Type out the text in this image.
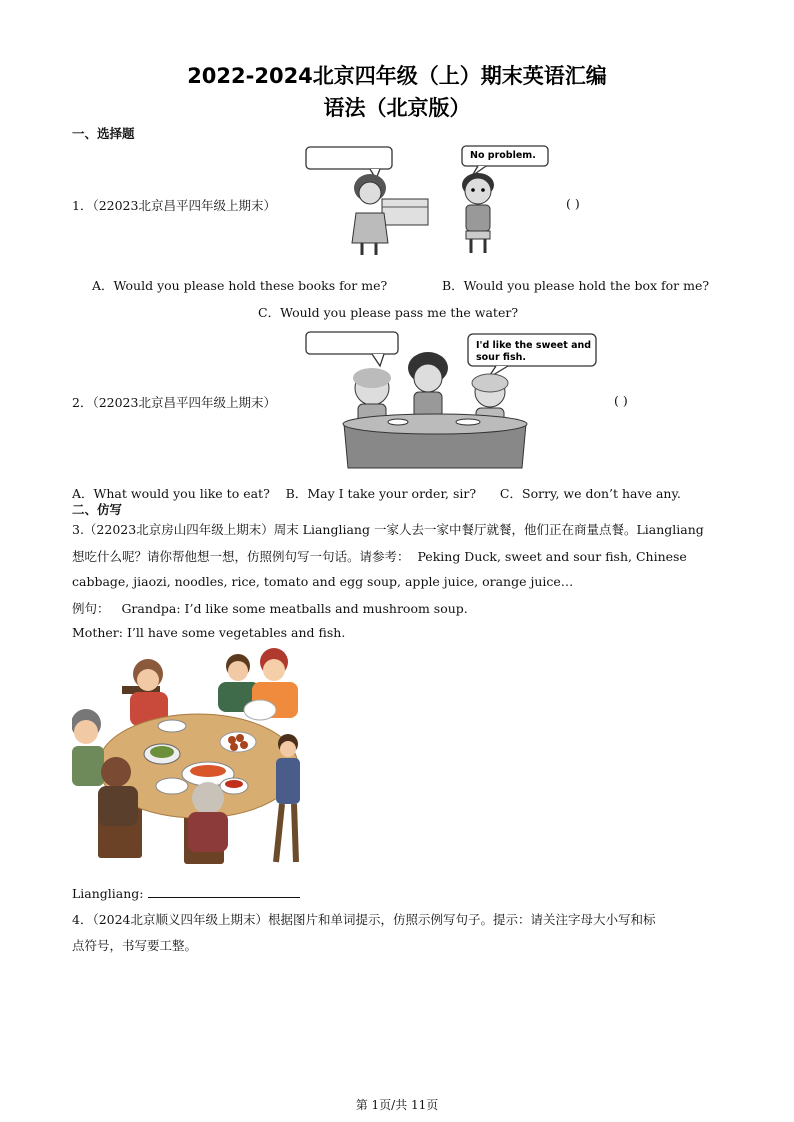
2022-2024北京四年级（上）期末英语汇编
语法（北京版）
一、选择题
No problem.
1．（22023北京昌平四年级上期末）	( )
A．Would you please hold these books for me?	B．Would you please hold the box for me?
C．Would you please pass me the water?
I'd like the sweet and sour fish.
2．（22023北京昌平四年级上期末）	( )
A．What would you like to eat?    B．May I take your order, sir?      C．Sorry, we don’t have any.
二、仿写
3.（22023北京房山四年级上期末）周末 Liangliang 一家人去一家中餐厅就餐，他们正在商量点餐。Liangliang
想吃什么呢？请你帮他想一想，仿照例句写一句话。请参考：  Peking Duck, sweet and sour fish, Chinese
cabbage, jiaozi, noodles, rice, tomato and egg soup, apple juice, orange juice…
例句： Grandpa: I’d like some meatballs and mushroom soup.
Mother: I’ll have some vegetables and fish.
Liangliang:
4．（2024北京顺义四年级上期末）根据图片和单词提示，仿照示例写句子。提示：请关注字母大小写和标
点符号，书写要工整。
第 1页/共 11页
